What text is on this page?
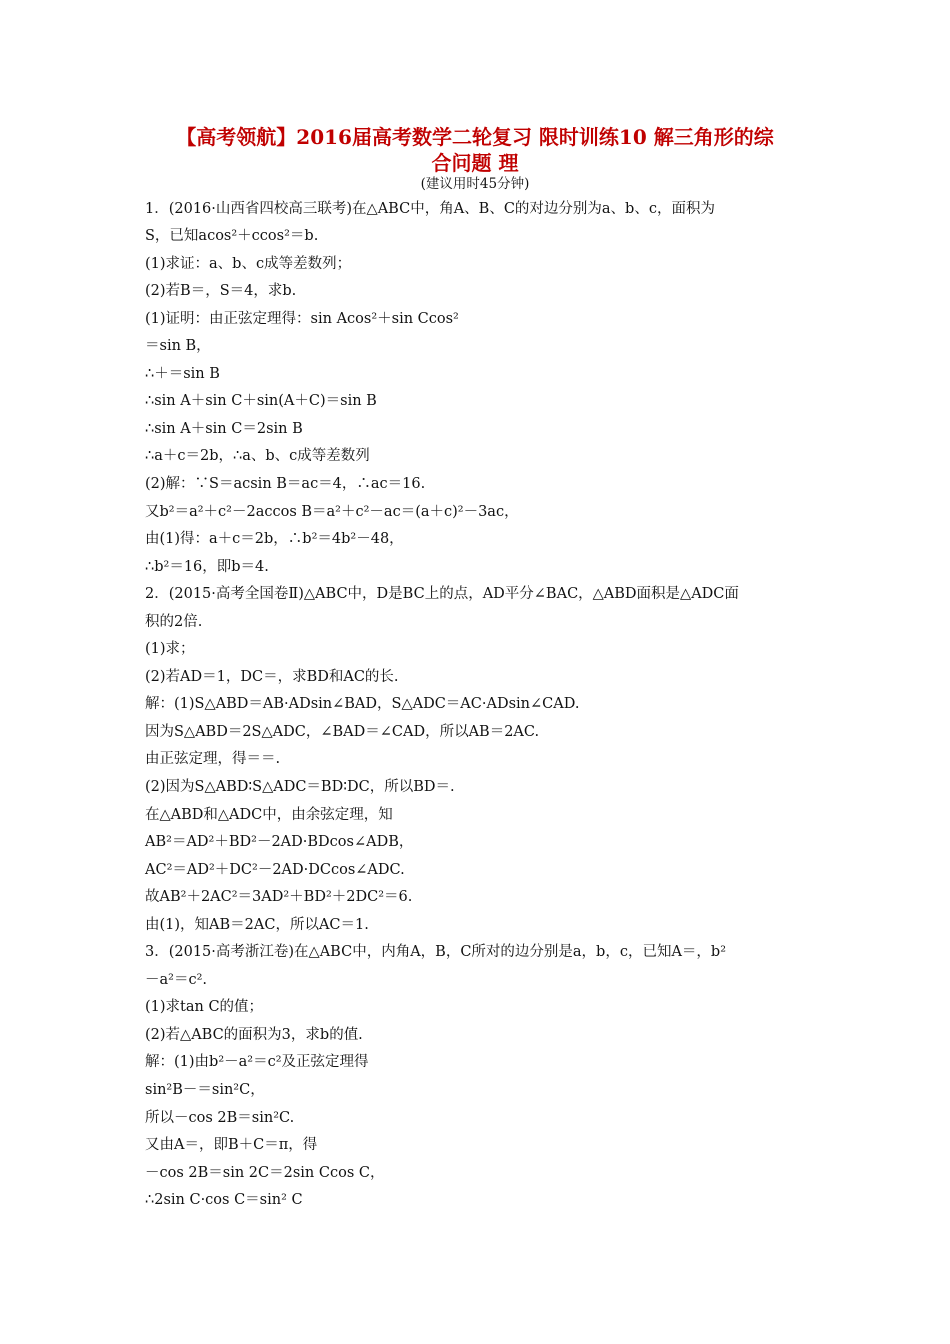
【高考领航】2016届高考数学二轮复习 限时训练10 解三角形的综
合问题 理
(建议用时45分钟)
1．(2016·山西省四校高三联考)在△ABC中，角A、B、C的对边分别为a、b、c，面积为
S，已知acos²＋ccos²＝b.
(1)求证：a、b、c成等差数列；
(2)若B＝，S＝4，求b.
(1)证明：由正弦定理得：sin Acos²＋sin Ccos²
＝sin B，
∴＋＝sin B
∴sin A＋sin C＋sin(A＋C)＝sin B
∴sin A＋sin C＝2sin B
∴a＋c＝2b，∴a、b、c成等差数列
(2)解：∵S＝acsin B＝ac＝4，∴ac＝16.
又b²＝a²＋c²－2accos B＝a²＋c²－ac＝(a＋c)²－3ac，
由(1)得：a＋c＝2b，∴b²＝4b²－48，
∴b²＝16，即b＝4.
2．(2015·高考全国卷Ⅱ)△ABC中，D是BC上的点，AD平分∠BAC，△ABD面积是△ADC面
积的2倍.
(1)求；
(2)若AD＝1，DC＝，求BD和AC的长.
解：(1)S△ABD＝AB·ADsin∠BAD，S△ADC＝AC·ADsin∠CAD.
因为S△ABD＝2S△ADC，∠BAD＝∠CAD，所以AB＝2AC.
由正弦定理，得＝＝.
(2)因为S△ABD∶S△ADC＝BD∶DC，所以BD＝.
在△ABD和△ADC中，由余弦定理，知
AB²＝AD²＋BD²－2AD·BDcos∠ADB，
AC²＝AD²＋DC²－2AD·DCcos∠ADC.
故AB²＋2AC²＝3AD²＋BD²＋2DC²＝6.
由(1)，知AB＝2AC，所以AC＝1.
3．(2015·高考浙江卷)在△ABC中，内角A，B，C所对的边分别是a，b，c，已知A＝，b²
－a²＝c².
(1)求tan C的值；
(2)若△ABC的面积为3，求b的值.
解：(1)由b²－a²＝c²及正弦定理得
sin²B－＝sin²C，
所以－cos 2B＝sin²C.
又由A＝，即B＋C＝π，得
－cos 2B＝sin 2C＝2sin Ccos C，
∴2sin C·cos C＝sin² C
